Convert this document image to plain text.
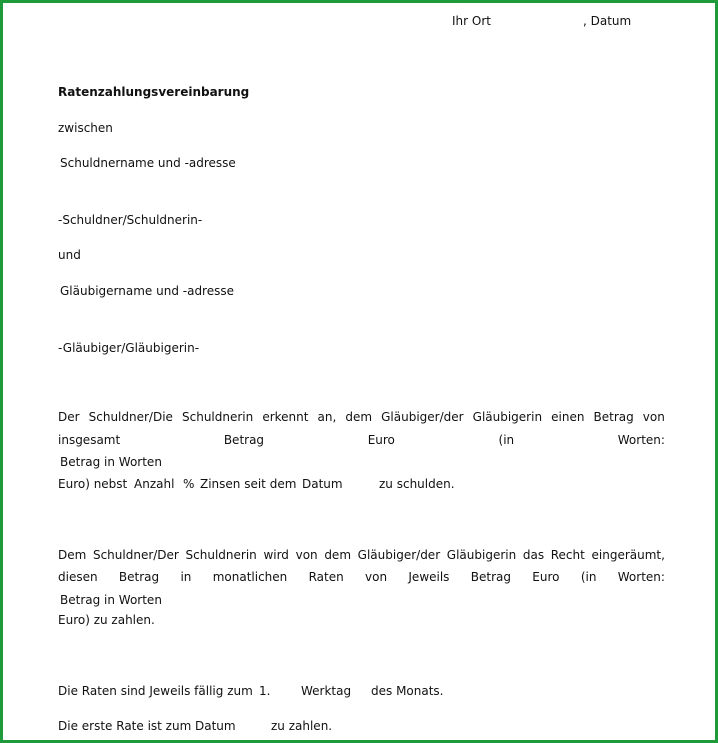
Ihr Ort	, Datum
Ratenzahlungsvereinbarung
zwischen
Schuldnername und -adresse
-Schuldner/Schuldnerin-
und
Gläubigername und -adresse
-Gläubiger/Gläubigerin-
Der Schuldner/Die Schuldnerin erkennt an, dem Gläubiger/der Gläubigerin einen Betrag von
insgesamt	Betrag	Euro	(in	Worten:
Betrag in Worten
Euro) nebst Anzahl % Zinsen seit dem Datum	zu schulden.
Dem Schuldner/Der Schuldnerin wird von dem Gläubiger/der Gläubigerin das Recht eingeräumt,
diesen Betrag in monatlichen Raten von Jeweils Betrag Euro (in Worten:
Betrag in Worten
Euro) zu zahlen.
Die Raten sind Jeweils fällig zum 1.	Werktag des Monats.
Die erste Rate ist zum Datum	zu zahlen.
